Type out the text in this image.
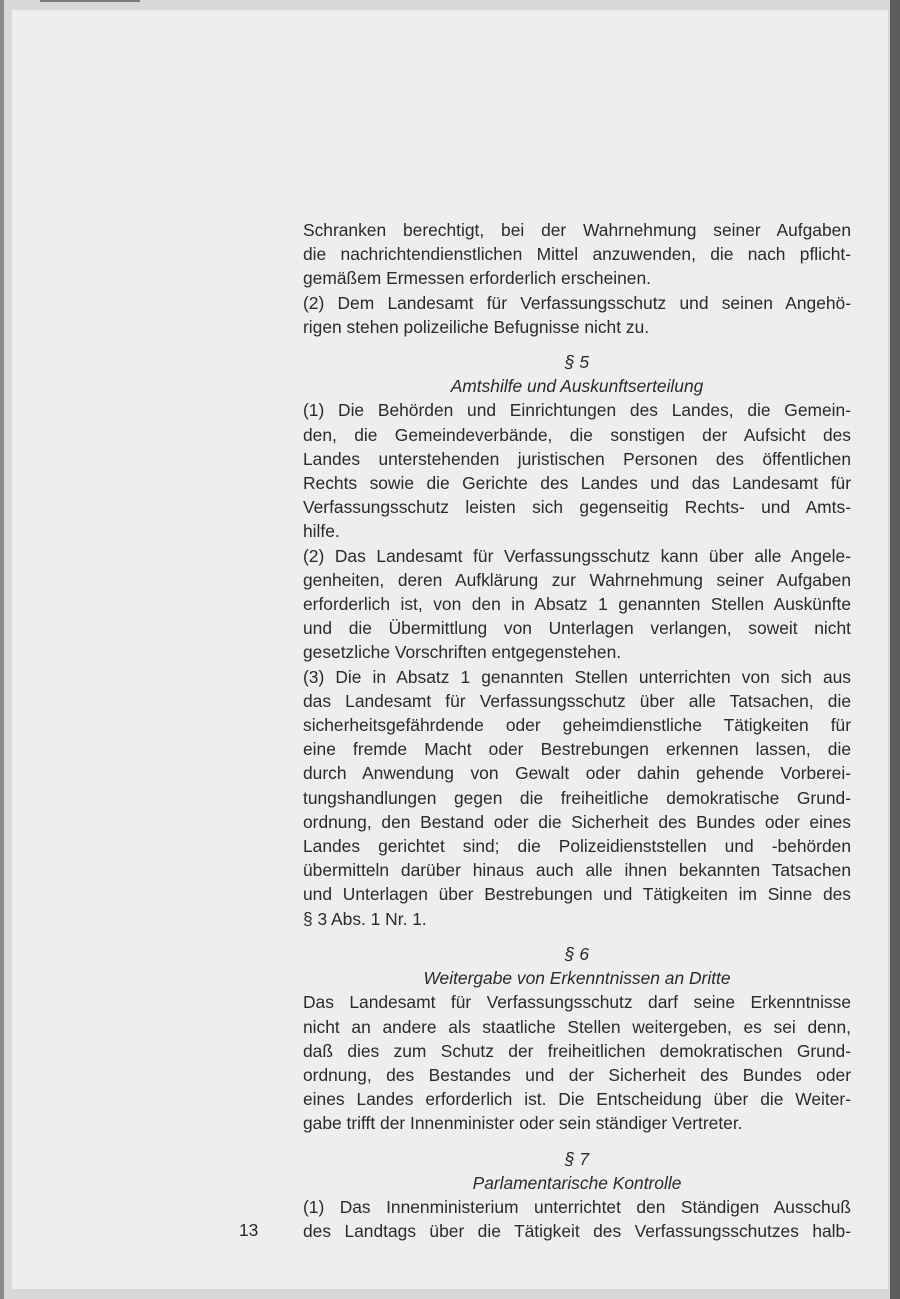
13
Schranken berechtigt, bei der Wahrnehmung seiner Aufgaben
die nachrichtendienstlichen Mittel anzuwenden, die nach pflicht-
gemäßem Ermessen erforderlich erscheinen.
(2) Dem Landesamt für Verfassungsschutz und seinen Angehö-
rigen stehen polizeiliche Befugnisse nicht zu.
§ 5
Amtshilfe und Auskunftserteilung
(1) Die Behörden und Einrichtungen des Landes, die Gemein-
den, die Gemeindeverbände, die sonstigen der Aufsicht des
Landes unterstehenden juristischen Personen des öffentlichen
Rechts sowie die Gerichte des Landes und das Landesamt für
Verfassungsschutz leisten sich gegenseitig Rechts- und Amts-
hilfe.
(2) Das Landesamt für Verfassungsschutz kann über alle Angele-
genheiten, deren Aufklärung zur Wahrnehmung seiner Aufgaben
erforderlich ist, von den in Absatz 1 genannten Stellen Auskünfte
und die Übermittlung von Unterlagen verlangen, soweit nicht
gesetzliche Vorschriften entgegenstehen.
(3) Die in Absatz 1 genannten Stellen unterrichten von sich aus
das Landesamt für Verfassungsschutz über alle Tatsachen, die
sicherheitsgefährdende oder geheimdienstliche Tätigkeiten für
eine fremde Macht oder Bestrebungen erkennen lassen, die
durch Anwendung von Gewalt oder dahin gehende Vorberei-
tungshandlungen gegen die freiheitliche demokratische Grund-
ordnung, den Bestand oder die Sicherheit des Bundes oder eines
Landes gerichtet sind; die Polizeidienststellen und -behörden
übermitteln darüber hinaus auch alle ihnen bekannten Tatsachen
und Unterlagen über Bestrebungen und Tätigkeiten im Sinne des
§ 3 Abs. 1 Nr. 1.
§ 6
Weitergabe von Erkenntnissen an Dritte
Das Landesamt für Verfassungsschutz darf seine Erkenntnisse
nicht an andere als staatliche Stellen weitergeben, es sei denn,
daß dies zum Schutz der freiheitlichen demokratischen Grund-
ordnung, des Bestandes und der Sicherheit des Bundes oder
eines Landes erforderlich ist. Die Entscheidung über die Weiter-
gabe trifft der Innenminister oder sein ständiger Vertreter.
§ 7
Parlamentarische Kontrolle
(1) Das Innenministerium unterrichtet den Ständigen Ausschuß
des Landtags über die Tätigkeit des Verfassungsschutzes halb-
